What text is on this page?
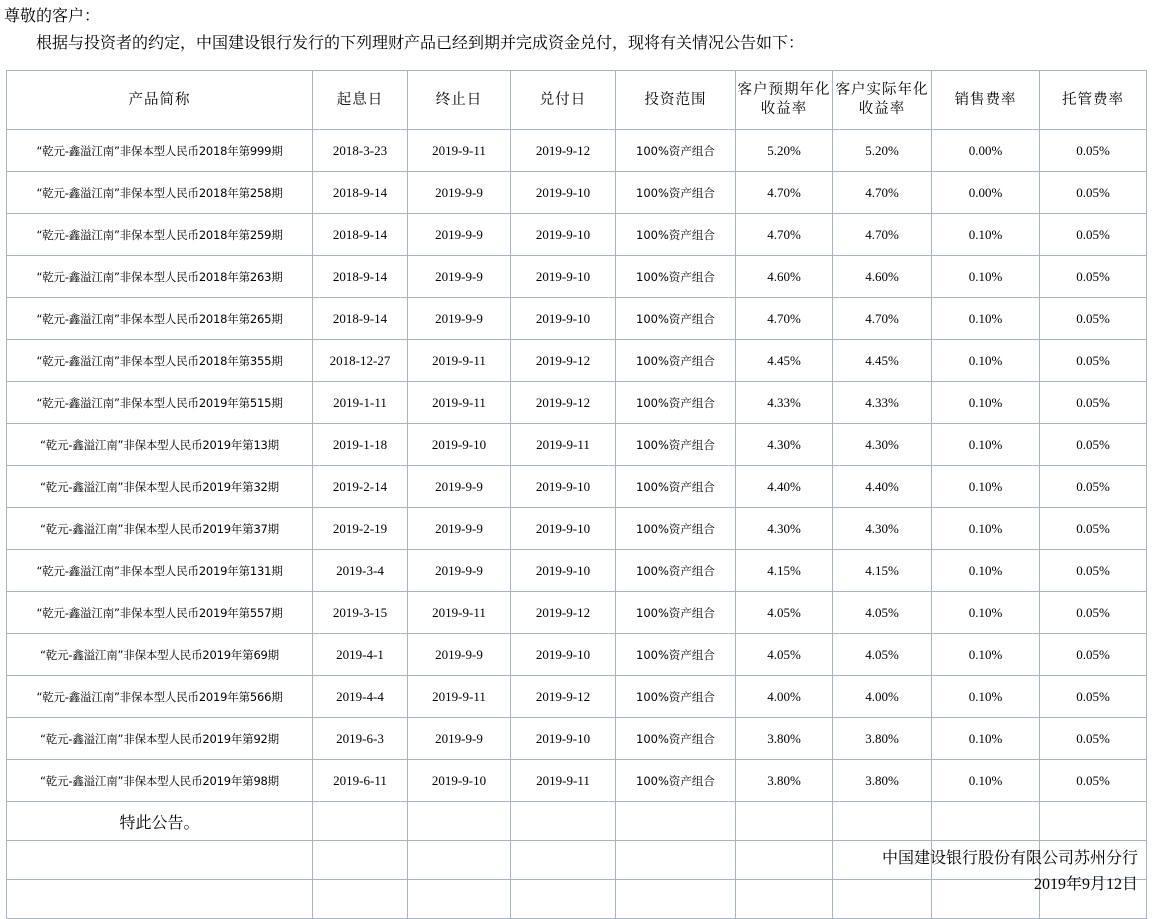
尊敬的客户：
根据与投资者的约定，中国建设银行发行的下列理财产品已经到期并完成资金兑付，现将有关情况公告如下：
产品简称	起息日	终止日	兑付日	投资范围	客户预期年化收益率	客户实际年化收益率	销售费率	托管费率
“乾元-鑫溢江南”非保本型人民币2018年第999期	2018-3-23	2019-9-11	2019-9-12	100%资产组合	5.20%	5.20%	0.00%	0.05%
“乾元-鑫溢江南”非保本型人民币2018年第258期	2018-9-14	2019-9-9	2019-9-10	100%资产组合	4.70%	4.70%	0.00%	0.05%
“乾元-鑫溢江南”非保本型人民币2018年第259期	2018-9-14	2019-9-9	2019-9-10	100%资产组合	4.70%	4.70%	0.10%	0.05%
“乾元-鑫溢江南”非保本型人民币2018年第263期	2018-9-14	2019-9-9	2019-9-10	100%资产组合	4.60%	4.60%	0.10%	0.05%
“乾元-鑫溢江南”非保本型人民币2018年第265期	2018-9-14	2019-9-9	2019-9-10	100%资产组合	4.70%	4.70%	0.10%	0.05%
“乾元-鑫溢江南”非保本型人民币2018年第355期	2018-12-27	2019-9-11	2019-9-12	100%资产组合	4.45%	4.45%	0.10%	0.05%
“乾元-鑫溢江南”非保本型人民币2019年第515期	2019-1-11	2019-9-11	2019-9-12	100%资产组合	4.33%	4.33%	0.10%	0.05%
“乾元-鑫溢江南”非保本型人民币2019年第13期	2019-1-18	2019-9-10	2019-9-11	100%资产组合	4.30%	4.30%	0.10%	0.05%
“乾元-鑫溢江南”非保本型人民币2019年第32期	2019-2-14	2019-9-9	2019-9-10	100%资产组合	4.40%	4.40%	0.10%	0.05%
“乾元-鑫溢江南”非保本型人民币2019年第37期	2019-2-19	2019-9-9	2019-9-10	100%资产组合	4.30%	4.30%	0.10%	0.05%
“乾元-鑫溢江南”非保本型人民币2019年第131期	2019-3-4	2019-9-9	2019-9-10	100%资产组合	4.15%	4.15%	0.10%	0.05%
“乾元-鑫溢江南”非保本型人民币2019年第557期	2019-3-15	2019-9-11	2019-9-12	100%资产组合	4.05%	4.05%	0.10%	0.05%
“乾元-鑫溢江南”非保本型人民币2019年第69期	2019-4-1	2019-9-9	2019-9-10	100%资产组合	4.05%	4.05%	0.10%	0.05%
“乾元-鑫溢江南”非保本型人民币2019年第566期	2019-4-4	2019-9-11	2019-9-12	100%资产组合	4.00%	4.00%	0.10%	0.05%
“乾元-鑫溢江南”非保本型人民币2019年第92期	2019-6-3	2019-9-9	2019-9-10	100%资产组合	3.80%	3.80%	0.10%	0.05%
“乾元-鑫溢江南”非保本型人民币2019年第98期	2019-6-11	2019-9-10	2019-9-11	100%资产组合	3.80%	3.80%	0.10%	0.05%
特此公告。								

中国建设银行股份有限公司苏州分行
2019年9月12日
